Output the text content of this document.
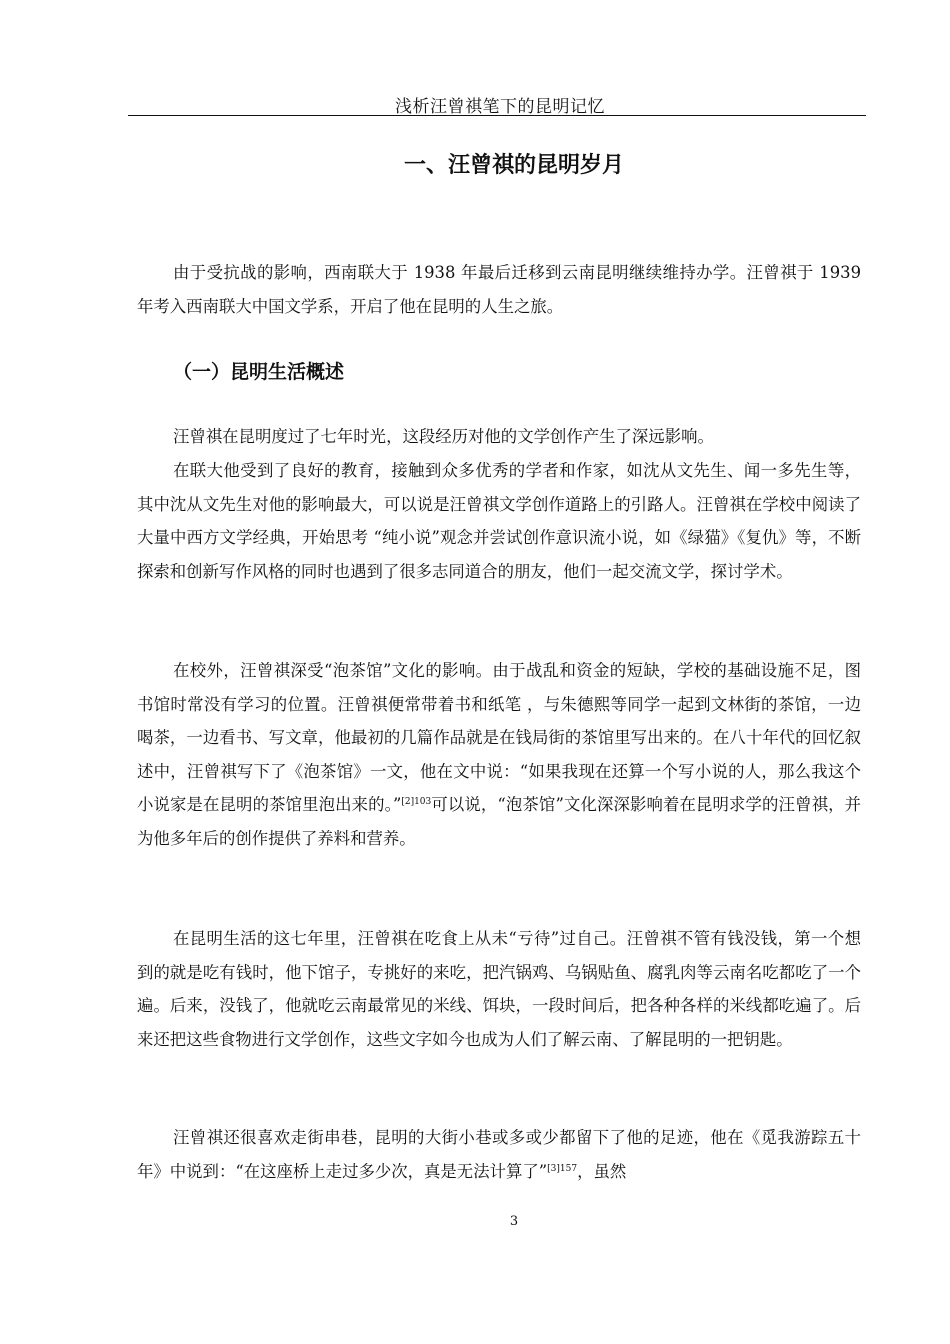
浅析汪曾祺笔下的昆明记忆
一、汪曾祺的昆明岁月

由于受抗战的影响，西南联大于 1938 年最后迁移到云南昆明继续维持办学。汪曾祺于 1939 年考入西南联大中国文学系，开启了他在昆明的人生之旅。

（一）昆明生活概述

汪曾祺在昆明度过了七年时光，这段经历对他的文学创作产生了深远影响。

在联大他受到了良好的教育，接触到众多优秀的学者和作家，如沈从文先生、闻一多先生等，其中沈从文先生对他的影响最大，可以说是汪曾祺文学创作道路上的引路人。汪曾祺在学校中阅读了大量中西方文学经典，开始思考 “纯小说”观念并尝试创作意识流小说，如《绿猫》《复仇》等，不断探索和创新写作风格的同时也遇到了很多志同道合的朋友，他们一起交流文学，探讨学术。

在校外，汪曾祺深受“泡茶馆”文化的影响。由于战乱和资金的短缺，学校的基础设施不足，图书馆时常没有学习的位置。汪曾祺便常带着书和纸笔 ，与朱德熙等同学一起到文林街的茶馆，一边喝茶，一边看书、写文章，他最初的几篇作品就是在钱局街的茶馆里写出来的。在八十年代的回忆叙述中，汪曾祺写下了《泡茶馆》一文，他在文中说：“如果我现在还算一个写小说的人，那么我这个小说家是在昆明的茶馆里泡出来的。”$^{[2]103}$可以说，“泡茶馆”文化深深影响着在昆明求学的汪曾祺，并为他多年后的创作提供了养料和营养。

在昆明生活的这七年里，汪曾祺在吃食上从未“亏待”过自己。汪曾祺不管有钱没钱，第一个想到的就是吃有钱时，他下馆子，专挑好的来吃，把汽锅鸡、乌锅贴鱼、腐乳肉等云南名吃都吃了一个遍。后来，没钱了，他就吃云南最常见的米线、饵块，一段时间后，把各种各样的米线都吃遍了。后来还把这些食物进行文学创作，这些文字如今也成为人们了解云南、了解昆明的一把钥匙。

汪曾祺还很喜欢走街串巷，昆明的大街小巷或多或少都留下了他的足迹，他在《觅我游踪五十年》中说到：“在这座桥上走过多少次，真是无法计算了”$^{[3]157}$，虽然

3
